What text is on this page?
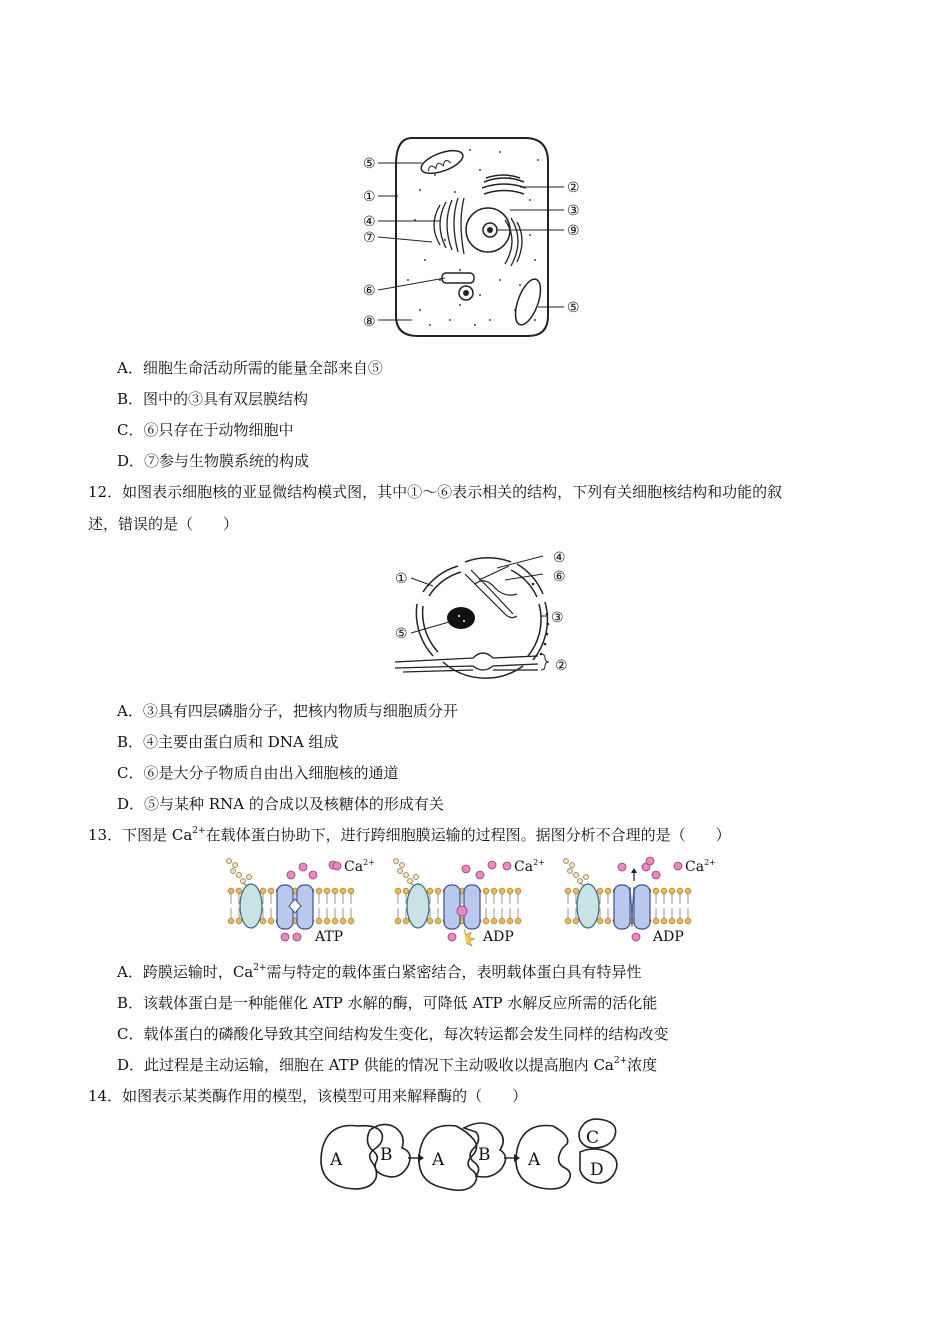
⑤
①
④
⑦
⑥
⑧
②
③
⑨
⑤
A．细胞生命活动所需的能量全部来自⑤
B．图中的③具有双层膜结构
C．⑥只存在于动物细胞中
D．⑦参与生物膜系统的构成
12．如图表示细胞核的亚显微结构模式图，其中①～⑥表示相关的结构，下列有关细胞核结构和功能的叙
述，错误的是（　　）
①
④
⑥
③
⑤
②
A．③具有四层磷脂分子，把核内物质与细胞质分开
B．④主要由蛋白质和 DNA 组成
C．⑥是大分子物质自由出入细胞核的通道
D．⑤与某种 RNA 的合成以及核糖体的形成有关
13．下图是 $Ca^{2+}$在载体蛋白协助下，进行跨细胞膜运输的过程图。据图分析不合理的是（　　）
$Ca^{2+}$	$Ca^{2+}$	$Ca^{2+}$
ATP	ADP	ADP
A．跨膜运输时，$Ca^{2+}$需与特定的载体蛋白紧密结合，表明载体蛋白具有特异性
B．该载体蛋白是一种能催化 ATP 水解的酶，可降低 ATP 水解反应所需的活化能
C．载体蛋白的磷酸化导致其空间结构发生变化，每次转运都会发生同样的结构改变
D．此过程是主动运输，细胞在 ATP 供能的情况下主动吸收以提高胞内 $Ca^{2+}$浓度
14．如图表示某类酶作用的模型，该模型可用来解释酶的（　　）
A B A B A
C
D
